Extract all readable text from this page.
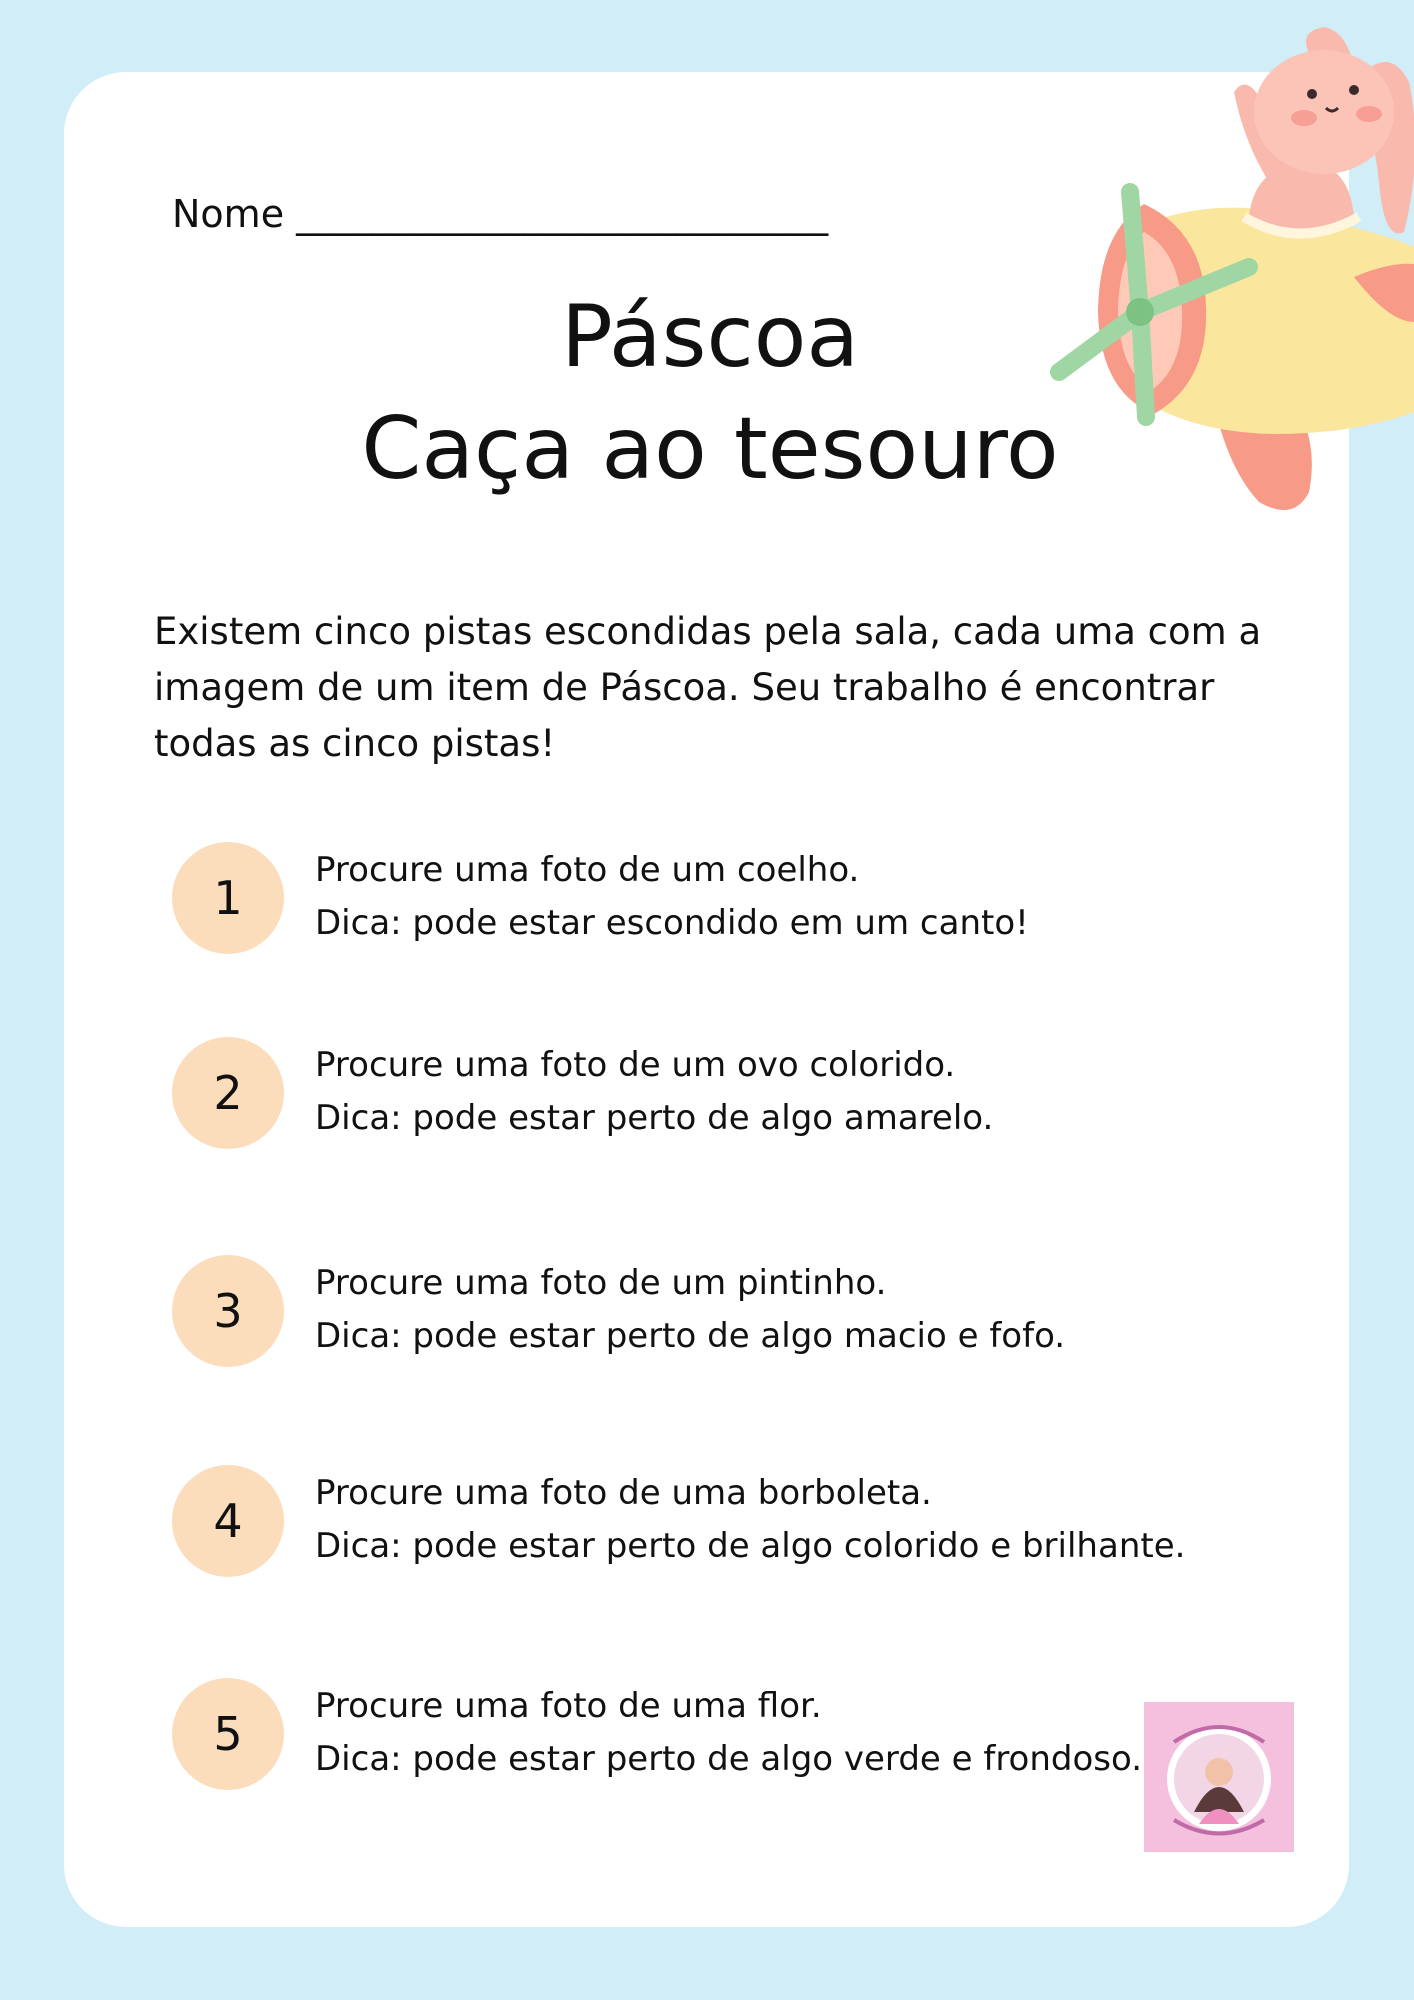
Nome ____________________________
Páscoa
Caça ao tesouro

Existem cinco pistas escondidas pela sala, cada uma com a imagem de um item de Páscoa. Seu trabalho é encontrar todas as cinco pistas!

1
Procure uma foto de um coelho.
Dica: pode estar escondido em um canto!
2
Procure uma foto de um ovo colorido.
Dica: pode estar perto de algo amarelo.
3
Procure uma foto de um pintinho.
Dica: pode estar perto de algo macio e fofo.
4
Procure uma foto de uma borboleta.
Dica: pode estar perto de algo colorido e brilhante.
5
Procure uma foto de uma flor.
Dica: pode estar perto de algo verde e frondoso.
